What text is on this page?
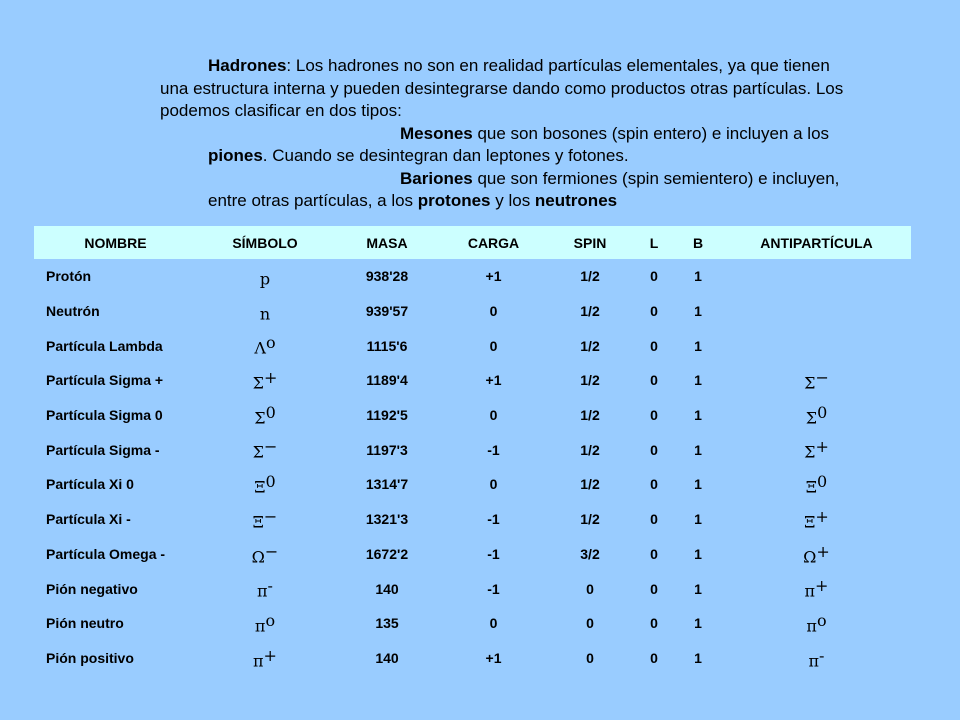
Hadrones: Los hadrones no son en realidad partículas elementales, ya que tienen una estructura interna y pueden desintegrarse dando como productos otras partículas. Los podemos clasificar en dos tipos:

Mesones que son bosones (spin entero) e incluyen a los piones. Cuando se desintegran dan leptones y fotones.

Bariones que son fermiones (spin semientero) e incluyen, entre otras partículas, a los protones y los neutrones

NOMBRE	SÍMBOLO	MASA	CARGA	SPIN	L	B	ANTIPARTÍCULA
Protón	p	938'28	+1	1/2	0	1	
Neutrón	n	939'57	0	1/2	0	1	
Partícula Lambda	$\Lambda^o$	1115'6	0	1/2	0	1	
Partícula Sigma +	Σ+	1189'4	+1	1/2	0	1	Σ−
Partícula Sigma 0	$\Sigma^0$	1192'5	0	1/2	0	1	$\Sigma^0$
Partícula Sigma -	Σ−	1197'3	-1	1/2	0	1	Σ+
Partícula Xi 0	$\Xi^0$	1314'7	0	1/2	0	1	$\Xi^0$
Partícula Xi -	Ξ−	1321'3	-1	1/2	0	1	Ξ+
Partícula Omega -	Ω−	1672'2	-1	3/2	0	1	Ω+
Pión negativo	π-	140	-1	0	0	1	π+
Pión neutro	$\pi^o$	135	0	0	0	1	$\pi^o$
Pión positivo	π+	140	+1	0	0	1	π-
